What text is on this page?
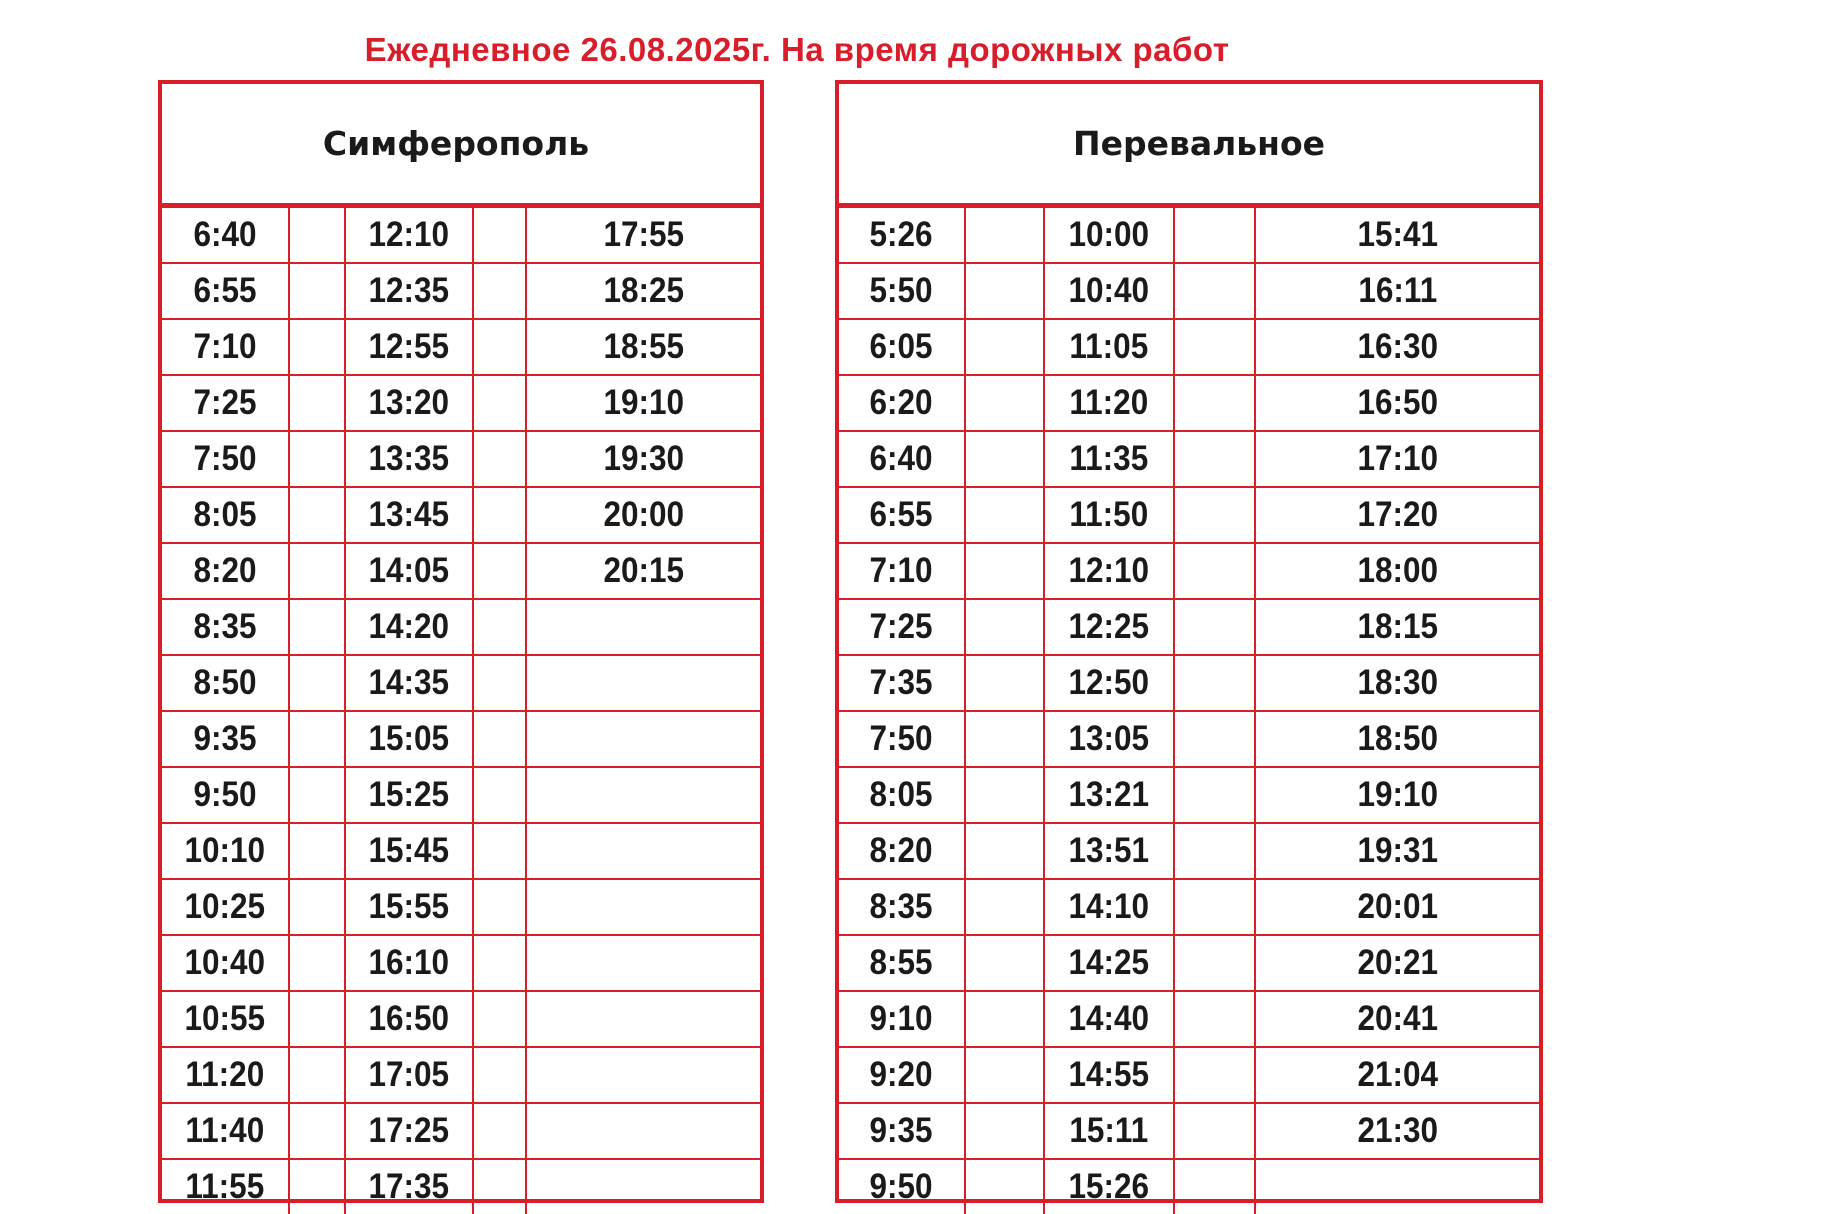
Ежедневное 26.08.2025г. На время дорожных работ
Симферополь
6:40		12:10		17:55
6:55		12:35		18:25
7:10		12:55		18:55
7:25		13:20		19:10
7:50		13:35		19:30
8:05		13:45		20:00
8:20		14:05		20:15
8:35		14:20		
8:50		14:35		
9:35		15:05		
9:50		15:25		
10:10		15:45		
10:25		15:55		
10:40		16:10		
10:55		16:50		
11:20		17:05		
11:40		17:25		
11:55		17:35		
Перевальное
5:26		10:00		15:41
5:50		10:40		16:11
6:05		11:05		16:30
6:20		11:20		16:50
6:40		11:35		17:10
6:55		11:50		17:20
7:10		12:10		18:00
7:25		12:25		18:15
7:35		12:50		18:30
7:50		13:05		18:50
8:05		13:21		19:10
8:20		13:51		19:31
8:35		14:10		20:01
8:55		14:25		20:21
9:10		14:40		20:41
9:20		14:55		21:04
9:35		15:11		21:30
9:50		15:26		
